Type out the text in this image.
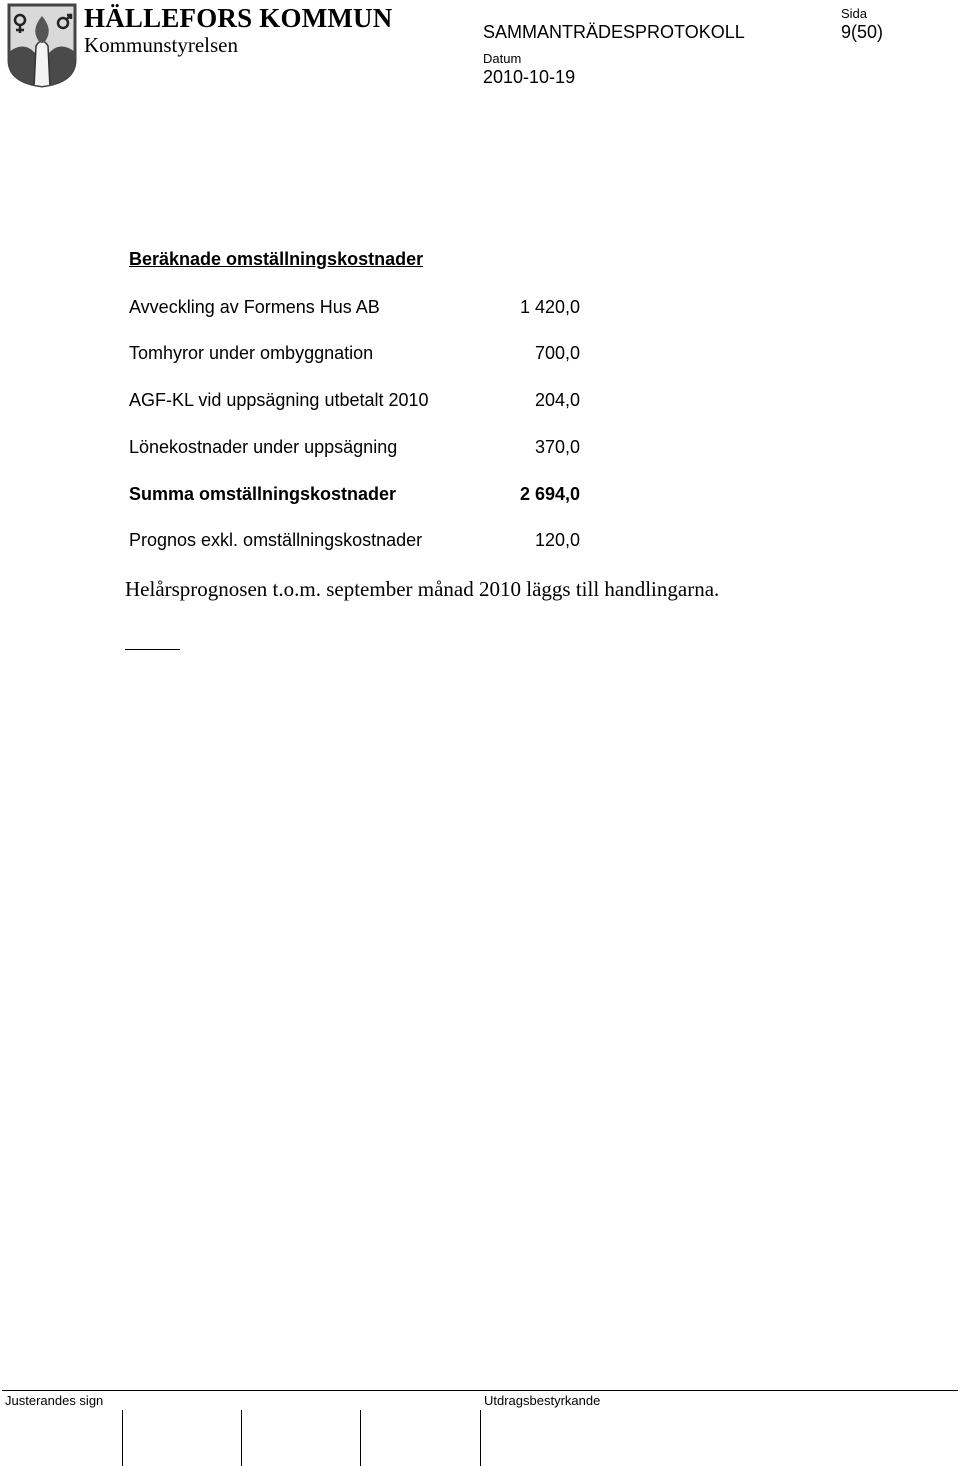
HÄLLEFORS KOMMUN
Kommunstyrelsen
SAMMANTRÄDESPROTOKOLL
Sida
9(50)
Datum
2010-10-19
Beräknade omställningskostnader
Avveckling av Formens Hus AB	1 420,0
Tomhyror under ombyggnation	700,0
AGF-KL vid uppsägning utbetalt 2010	204,0
Lönekostnader under uppsägning	370,0
Summa omställningskostnader	2 694,0
Prognos exkl. omställningskostnader	120,0
Helårsprognosen t.o.m. september månad 2010 läggs till handlingarna.
Justerandes sign	Utdragsbestyrkande
